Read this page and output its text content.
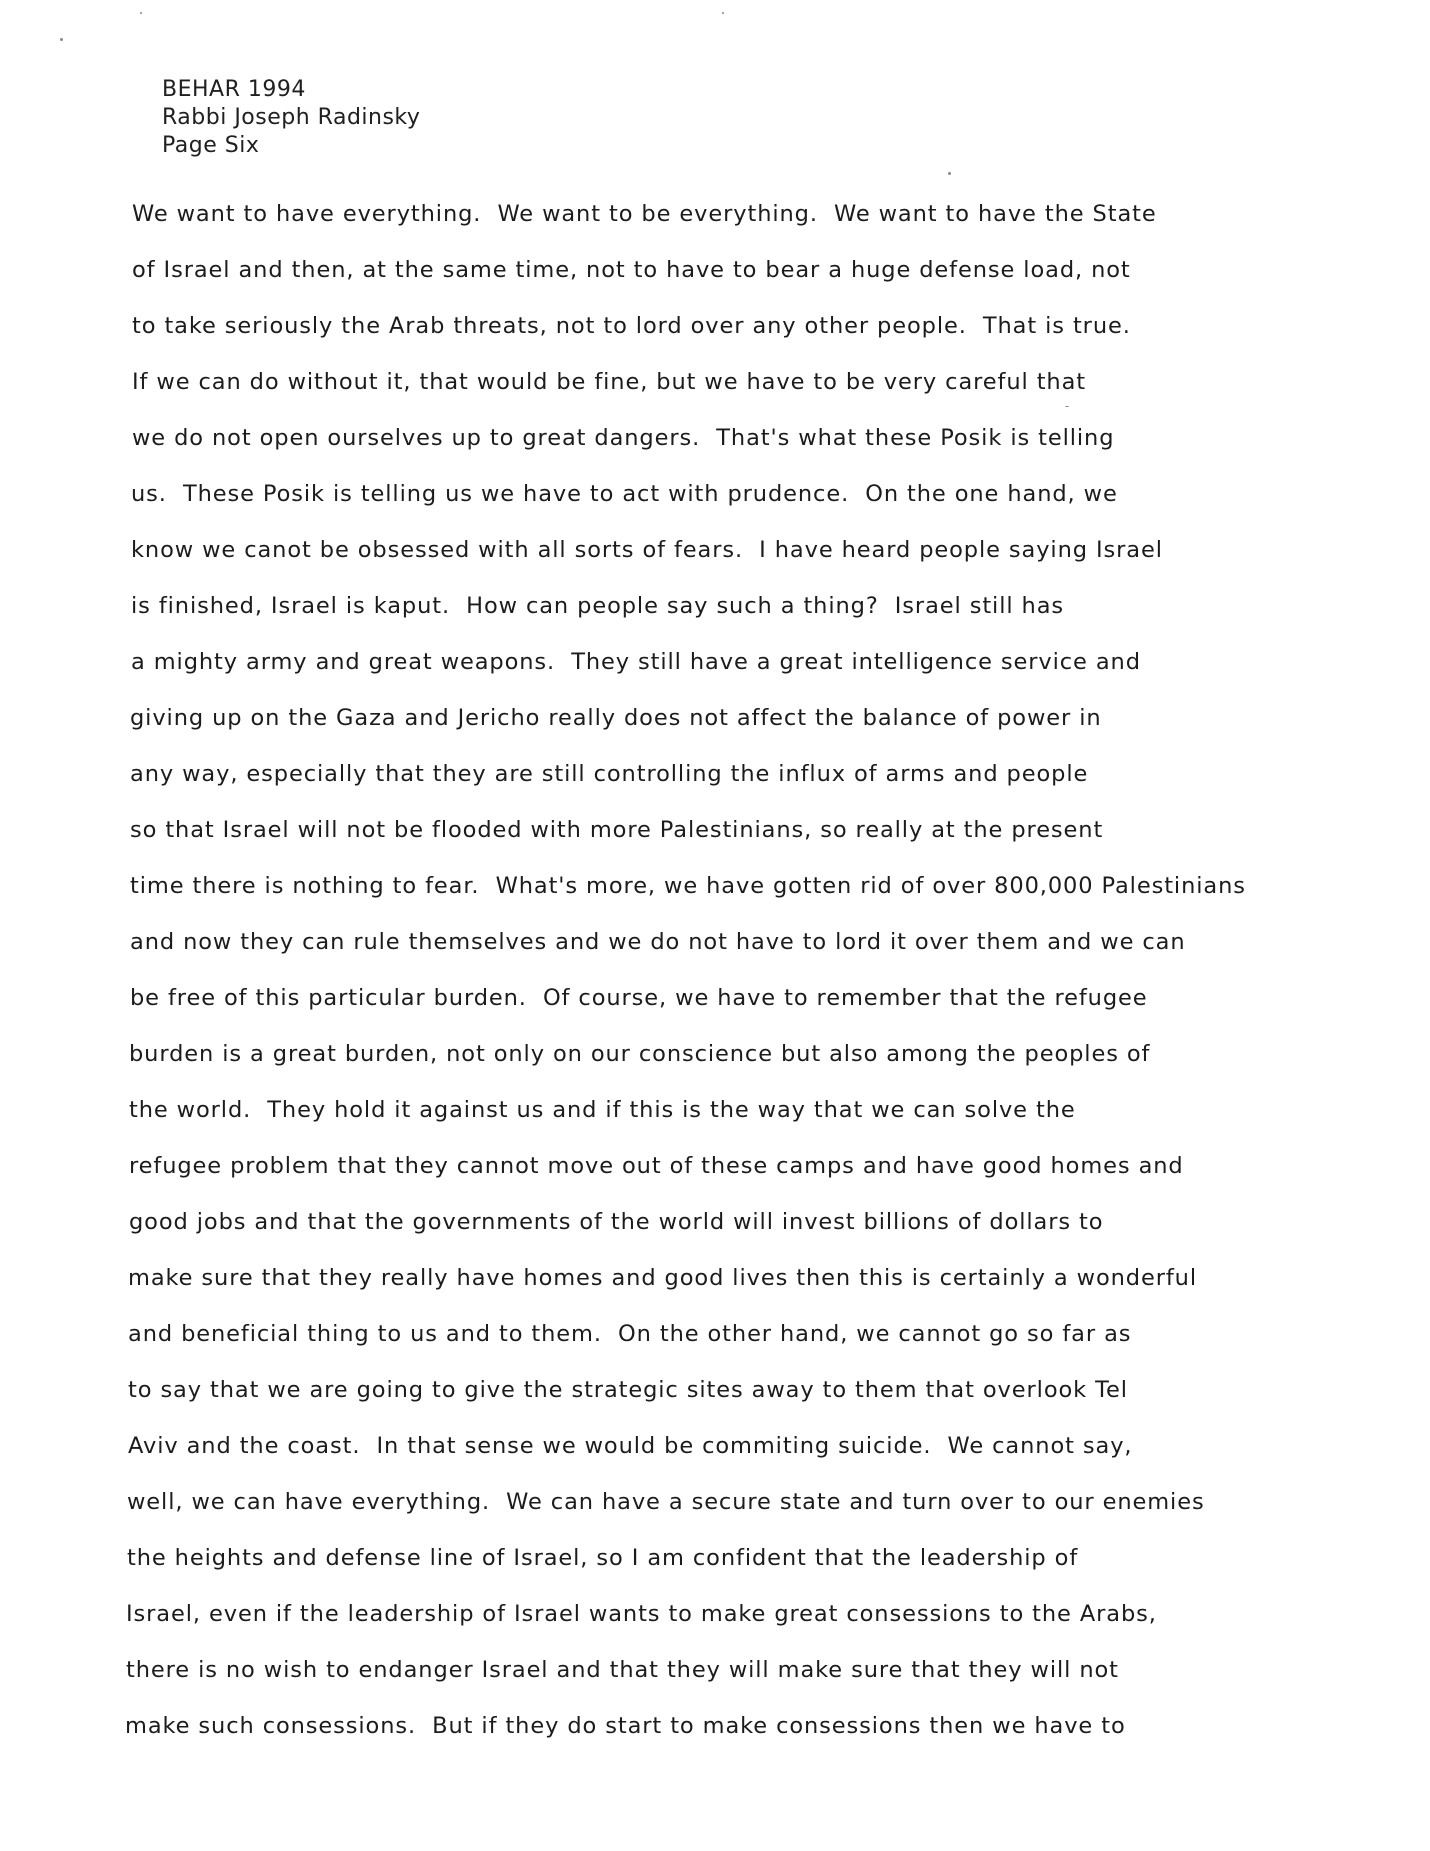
BEHAR 1994
Rabbi Joseph Radinsky
Page Six
We want to have everything.  We want to be everything.  We want to have the State
of Israel and then, at the same time, not to have to bear a huge defense load, not
to take seriously the Arab threats, not to lord over any other people.  That is true.
If we can do without it, that would be fine, but we have to be very careful that
we do not open ourselves up to great dangers.  That's what these Posik is telling
us.  These Posik is telling us we have to act with prudence.  On the one hand, we
know we canot be obsessed with all sorts of fears.  I have heard people saying Israel
is finished, Israel is kaput.  How can people say such a thing?  Israel still has
a mighty army and great weapons.  They still have a great intelligence service and
giving up on the Gaza and Jericho really does not affect the balance of power in
any way, especially that they are still controlling the influx of arms and people
so that Israel will not be flooded with more Palestinians, so really at the present
time there is nothing to fear.  What's more, we have gotten rid of over 800,000 Palestinians
and now they can rule themselves and we do not have to lord it over them and we can
be free of this particular burden.  Of course, we have to remember that the refugee
burden is a great burden, not only on our conscience but also among the peoples of
the world.  They hold it against us and if this is the way that we can solve the
refugee problem that they cannot move out of these camps and have good homes and
good jobs and that the governments of the world will invest billions of dollars to
make sure that they really have homes and good lives then this is certainly a wonderful
and beneficial thing to us and to them.  On the other hand, we cannot go so far as
to say that we are going to give the strategic sites away to them that overlook Tel
Aviv and the coast.  In that sense we would be commiting suicide.  We cannot say,
well, we can have everything.  We can have a secure state and turn over to our enemies
the heights and defense line of Israel, so I am confident that the leadership of
Israel, even if the leadership of Israel wants to make great consessions to the Arabs,
there is no wish to endanger Israel and that they will make sure that they will not
make such consessions.  But if they do start to make consessions then we have to
